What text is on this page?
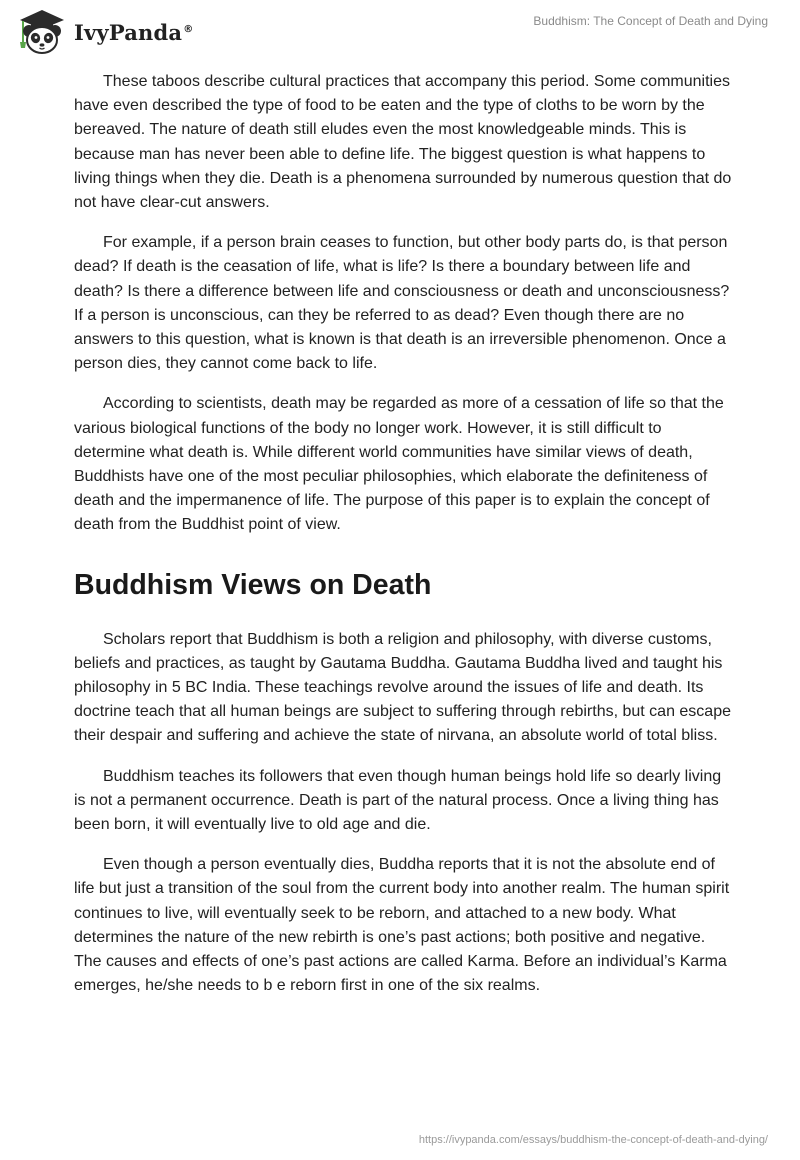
IvyPanda®
Buddhism: The Concept of Death and Dying

These taboos describe cultural practices that accompany this period. Some communities have even described the type of food to be eaten and the type of cloths to be worn by the bereaved. The nature of death still eludes even the most knowledgeable minds. This is because man has never been able to define life. The biggest question is what happens to living things when they die. Death is a phenomena surrounded by numerous question that do not have clear-cut answers.

For example, if a person brain ceases to function, but other body parts do, is that person dead? If death is the ceasation of life, what is life? Is there a boundary between life and death? Is there a difference between life and consciousness or death and unconsciousness? If a person is unconscious, can they be referred to as dead? Even though there are no answers to this question, what is known is that death is an irreversible phenomenon. Once a person dies, they cannot come back to life.

According to scientists, death may be regarded as more of a cessation of life so that the various biological functions of the body no longer work. However, it is still difficult to determine what death is. While different world communities have similar views of death, Buddhists have one of the most peculiar philosophies, which elaborate the definiteness of death and the impermanence of life. The purpose of this paper is to explain the concept of death from the Buddhist point of view.

Buddhism Views on Death

Scholars report that Buddhism is both a religion and philosophy, with diverse customs, beliefs and practices, as taught by Gautama Buddha. Gautama Buddha lived and taught his philosophy in 5 BC India. These teachings revolve around the issues of life and death. Its doctrine teach that all human beings are subject to suffering through rebirths, but can escape their despair and suffering and achieve the state of nirvana, an absolute world of total bliss.

Buddhism teaches its followers that even though human beings hold life so dearly living is not a permanent occurrence. Death is part of the natural process. Once a living thing has been born, it will eventually live to old age and die.

Even though a person eventually dies, Buddha reports that it is not the absolute end of life but just a transition of the soul from the current body into another realm. The human spirit continues to live, will eventually seek to be reborn, and attached to a new body. What determines the nature of the new rebirth is one’s past actions; both positive and negative. The causes and effects of one’s past actions are called Karma. Before an individual’s Karma emerges, he/she needs to b e reborn first in one of the six realms.

https://ivypanda.com/essays/buddhism-the-concept-of-death-and-dying/
